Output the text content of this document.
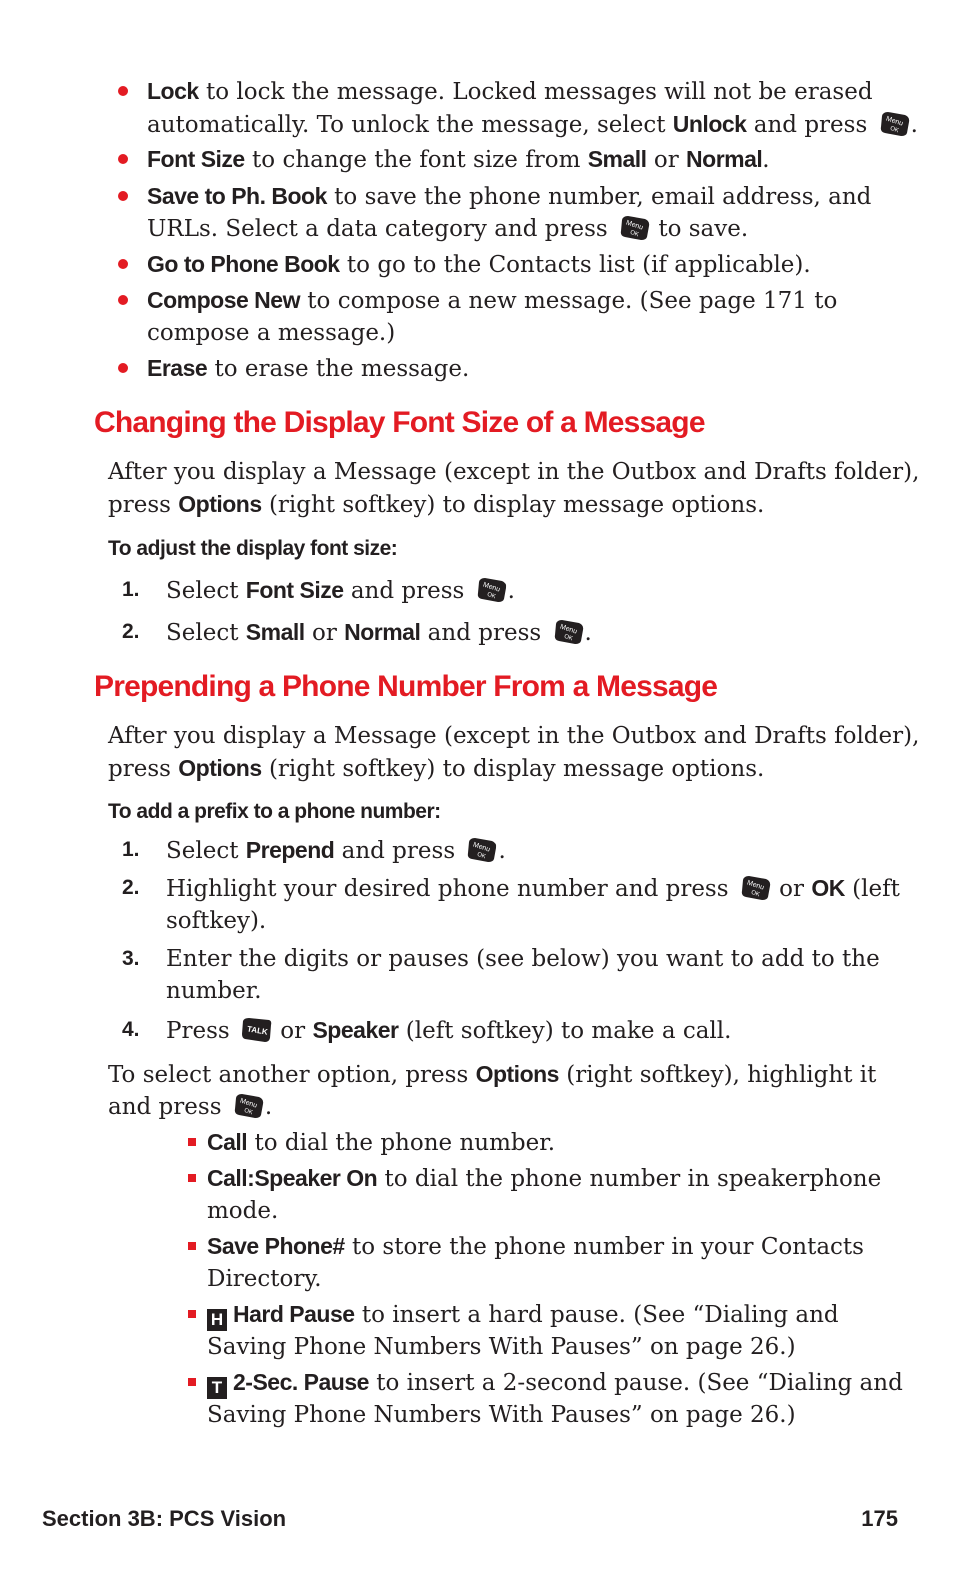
Lock to lock the message. Locked messages will not be erased
automatically. To unlock the message, select Unlock and press
.
Font Size to change the font size from Small or Normal.
Save to Ph. Book to save the phone number, email address, and
URLs. Select a data category and press
to save.
Go to Phone Book to go to the Contacts list (if applicable).
Compose New to compose a new message. (See page 171 to
compose a message.)
Erase to erase the message.
Changing the Display Font Size of a Message
After you display a Message (except in the Outbox and Drafts folder),
press Options (right softkey) to display message options.
To adjust the display font size:
1. Select Font Size and press
.
2. Select Small or Normal and press
.
Prepending a Phone Number From a Message
After you display a Message (except in the Outbox and Drafts folder),
press Options (right softkey) to display message options.
To add a prefix to a phone number:
1. Select Prepend and press
.
2. Highlight your desired phone number and press
or OK (left
softkey).
3. Enter the digits or pauses (see below) you want to add to the
number.
4. Press
or Speaker (left softkey) to make a call.
To select another option, press Options (right softkey), highlight it
and press
.
Call to dial the phone number.
Call:Speaker On to dial the phone number in speakerphone
mode.
Save Phone# to store the phone number in your Contacts
Directory.
H Hard Pause to insert a hard pause. (See “Dialing and
Saving Phone Numbers With Pauses” on page 26.)
T 2-Sec. Pause to insert a 2-second pause. (See “Dialing and
Saving Phone Numbers With Pauses” on page 26.)
Section 3B: PCS Vision	175
